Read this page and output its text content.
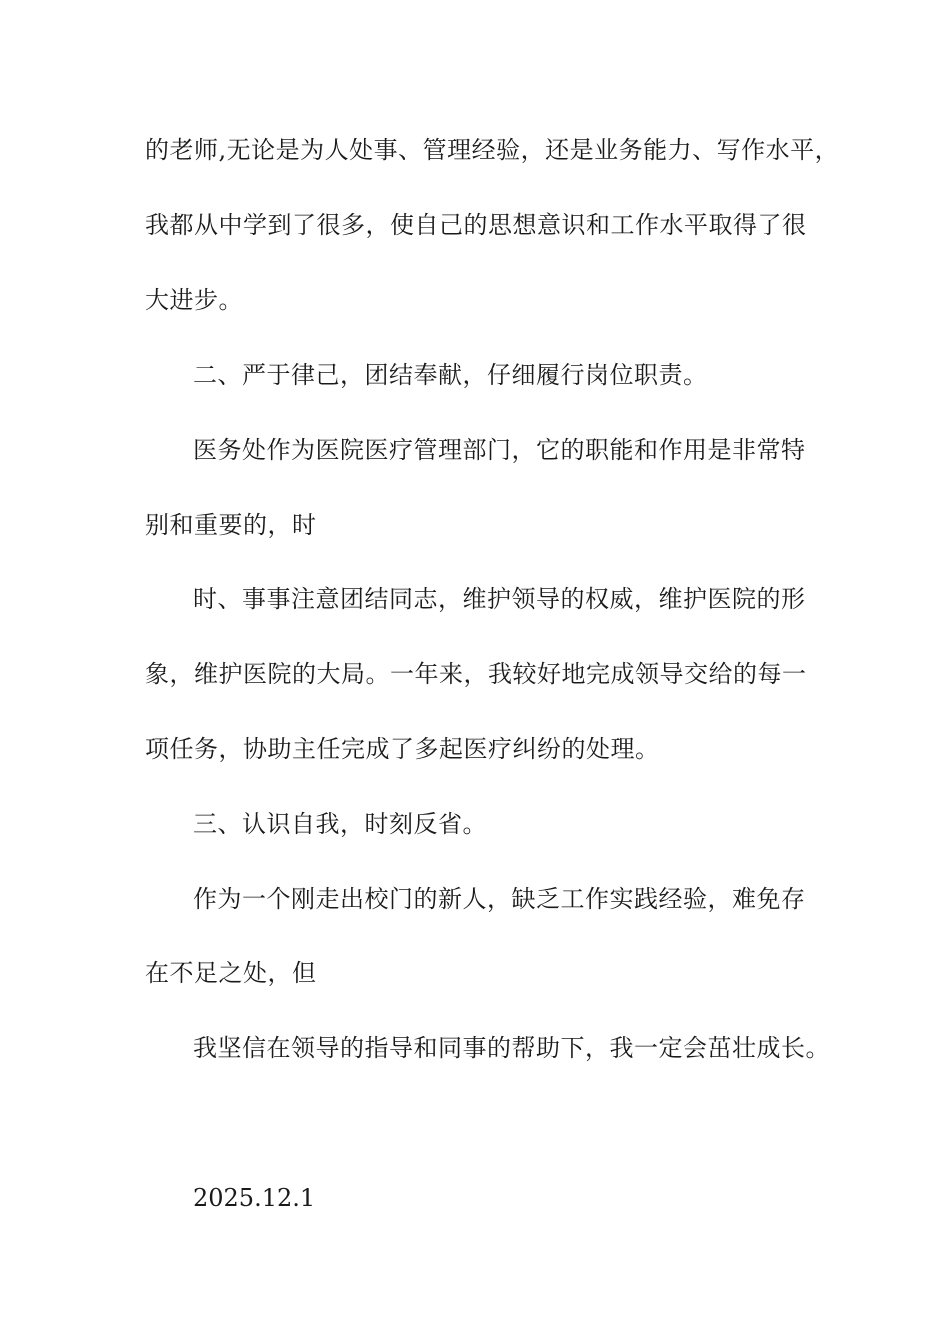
的老师,无论是为人处事、管理经验，还是业务能力、写作水平，
我都从中学到了很多，使自己的思想意识和工作水平取得了很
大进步。
二、严于律己，团结奉献，仔细履行岗位职责。
医务处作为医院医疗管理部门，它的职能和作用是非常特
别和重要的，时
时、事事注意团结同志，维护领导的权威，维护医院的形
象，维护医院的大局。一年来，我较好地完成领导交给的每一
项任务，协助主任完成了多起医疗纠纷的处理。
三、认识自我，时刻反省。
作为一个刚走出校门的新人，缺乏工作实践经验，难免存
在不足之处，但
我坚信在领导的指导和同事的帮助下，我一定会茁壮成长。
2025.12.1
